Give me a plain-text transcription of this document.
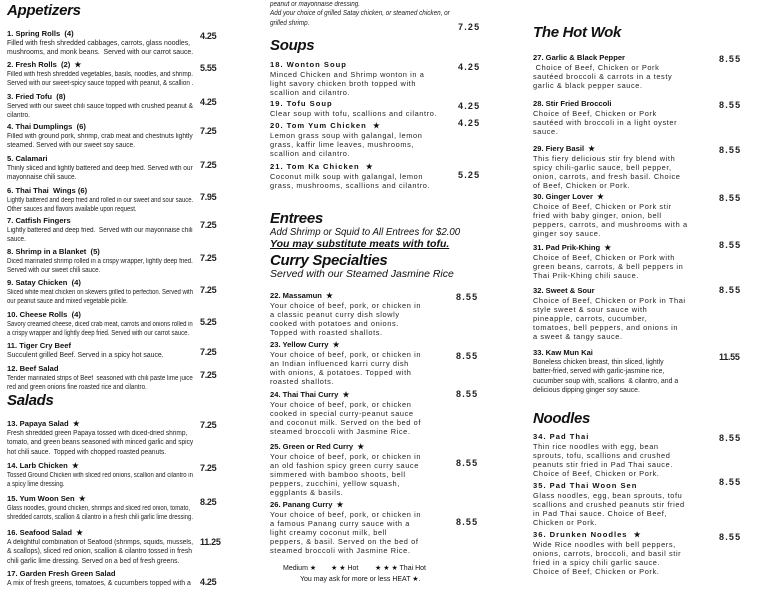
Appetizers
1. Spring Rolls  (4)
Filled with fresh shredded cabbages, carrots, glass noodles,
mushrooms, and monk beans.  Served with our carrot sauce.
4.25
2. Fresh Rolls  (2)  ★
Filled with fresh shredded vegetables, basils, noodles, and shrimp.
Served with our sweet-spicy sauce topped with peanut, & scallion .
5.55
3. Fried Tofu  (8)
Served with our sweet chili sauce topped with crushed peanut &
cilantro.
4.25
4. Thai Dumplings  (6)
Filled with ground pork, shrimp, crab meat and chestnuts lightly
steamed. Served with our sweet soy sauce.
7.25
5. Calamari
Thinly sliced and lightly battered and deep fried. Served with our
mayonnaise chili sauce.
7.25
6. Thai Thai  Wings (6)
Lightly battered and deep fried and rolled in our sweet and sour sauce.
Other sauces and flavors available upon request.
7.95
7. Catfish Fingers
Lightly battered and deep fried.  Served with our mayonnaise chili
sauce.
7.25
8. Shrimp in a Blanket  (5)
Diced marinated shrimp rolled in a crispy wrapper, lightly deep fried.
Served with our sweet chili sauce.
7.25
9. Satay Chicken  (4)
Sliced white meat chicken on skewers grilled to perfection. Served with
our peanut sauce and mixed vegetable pickle.
7.25
10. Cheese Rolls  (4)
Savory creamed cheese, diced crab meat, carrots and onions rolled in
a crispy wrapper and lightly deep fried. Served with our carrot sauce.
5.25
11. Tiger Cry Beef
Succulent grilled Beef. Served in a spicy hot sauce.	7.25
12. Beef Salad
Tender marinated strips of Beef  seasoned with chili paste lime juice
red and green onions fine roasted rice and cilantro.
7.25
Salads
13. Papaya Salad  ★
Fresh shredded green Papaya tossed with diced-dried shrimp,
tomato, and green beans seasoned with minced garlic and spicy
hot chili sauce.  Topped with chopped roasted peanuts.
7.25
14. Larb Chicken  ★
Tossed Ground Chicken with sliced red onions, scallion and cilantro in
a spicy lime dressing.
7.25
15. Yum Woon Sen  ★
Glass noodles, ground chicken, shrimps and sliced red onion, tomato,
shredded carrots, scallion & cilantro in a fresh chili garlic lime dressing.
8.25
16. Seafood Salad  ★
A delightful combination of Seafood (shrimps, squids, mussels,
& scallops), sliced red onion, scallion & cilantro tossed in fresh
chili garlic lime dressing. Served on a bed of fresh greens.
11.25
17. Garden Fresh Green Salad
A mix of fresh greens, tomatoes, & cucumbers topped with a 4.25
Soups
18. Wonton Soup
Minced Chicken and Shrimp wonton in a
light savory chicken broth topped with
scallion and cilantro.
4.25
19. Tofu Soup
Clear soup with tofu, scallions and cilantro.
4.25
20. Tom Yum Chicken  ★
Lemon grass soup with galangal, lemon
grass, kaffir lime leaves, mushrooms,
scallion and cilantro.
4.25
21. Tom Ka Chicken  ★
Coconut milk soup with galangal, lemon
grass, mushrooms, scallions and cilantro.
5.25
Curry Specialties
22. Massamun  ★
Your choice of beef, pork, or chicken in
a classic peanut curry dish slowly
cooked with potatoes and onions.
Topped with roasted shallots.
8.55
23. Yellow Curry  ★
Your choice of beef, pork, or chicken in
an Indian influenced karri curry dish
with onions, & potatoes. Topped with
roasted shallots.
8.55
24. Thai Thai Curry  ★
Your choice of beef, pork, or chicken
cooked in special curry-peanut sauce
and coconut milk. Served on the bed of
steamed broccoli with Jasmine Rice.
8.55
25. Green or Red Curry  ★
Your choice of beef, pork, or chicken in
an old fashion spicy green curry sauce
simmered with bamboo shoots, bell
peppers, zucchini, yellow squash,
eggplants & basils.
8.55
26. Panang Curry  ★
Your choice of beef, pork, or chicken in
a famous Panang curry sauce with a
light creamy coconut milk, bell
peppers, & basil. Served on the bed of
steamed broccoli with Jasmine Rice.
8.55
The Hot Wok
27. Garlic & Black Pepper
Choice of Beef, Chicken or Pork
sautéed broccoli & carrots in a testy
garlic & black pepper sauce.
8.55
28. Stir Fried Broccoli
Choice of Beef, Chicken or Pork
sautéed with broccoli in a light oyster
sauce.
8.55
29. Fiery Basil  ★
This fiery delicious stir fry blend with
spicy chili-garlic sauce, bell pepper,
onion, carrots, and fresh basil. Choice
of Beef, Chicken or Pork.
8.55
30. Ginger Lover  ★
Choice of Beef, Chicken or Pork stir
fried with baby ginger, onion, bell
peppers, carrots, and mushrooms with a
ginger soy sauce.
8.55
31. Pad Prik-Khing  ★
Choice of Beef, Chicken or Pork with
green beans, carrots, & bell peppers in
Thai Prik-Khing chili sauce.
8.55
32. Sweet & Sour
Choice of Beef, Chicken or Pork in Thai
style sweet & sour sauce with
pineapple, carrots, cucumber,
tomatoes, bell peppers, and onions in
a sweet & tangy sauce.
8.55
33. Kaw Mun Kai
Boneless chicken breast, thin sliced, lightly
batter-fried, served with garlic-jasmine rice,
cucumber soup with, scallions  & cilantro, and a
delicious dipping ginger soy sauce.
11.55
Noodles
34. Pad Thai
Thin rice noodles with egg, bean
sprouts, tofu, scallions and crushed
peanuts stir fried in Pad Thai sauce.
Choice of Beef, Chicken or Pork.
8.55
35. Pad Thai Woon Sen
Glass noodles, egg, bean sprouts, tofu
scallions and crushed peanuts stir fried
in Pad Thai sauce. Choice of Beef,
Chicken or Pork.
8.55
36. Drunken Noodles  ★
Wide Rice noodles with bell peppers,
onions, carrots, broccoli, and basil stir
fried in a spicy chili garlic sauce.
Choice of Beef, Chicken or Pork.
8.55
peanut or mayonnaise dressing.
Add your choice of grilled Satay chicken, or steamed chicken, or
grilled shrimp.	7.25
Entrees
Add Shrimp or Squid to All Entrees for $2.00
You may substitute meats with tofu.
Served with our Steamed Jasmine Rice
Medium ★ ★ ★ Hot ★ ★ ★ Thai Hot
You may ask for more or less HEAT ★.
